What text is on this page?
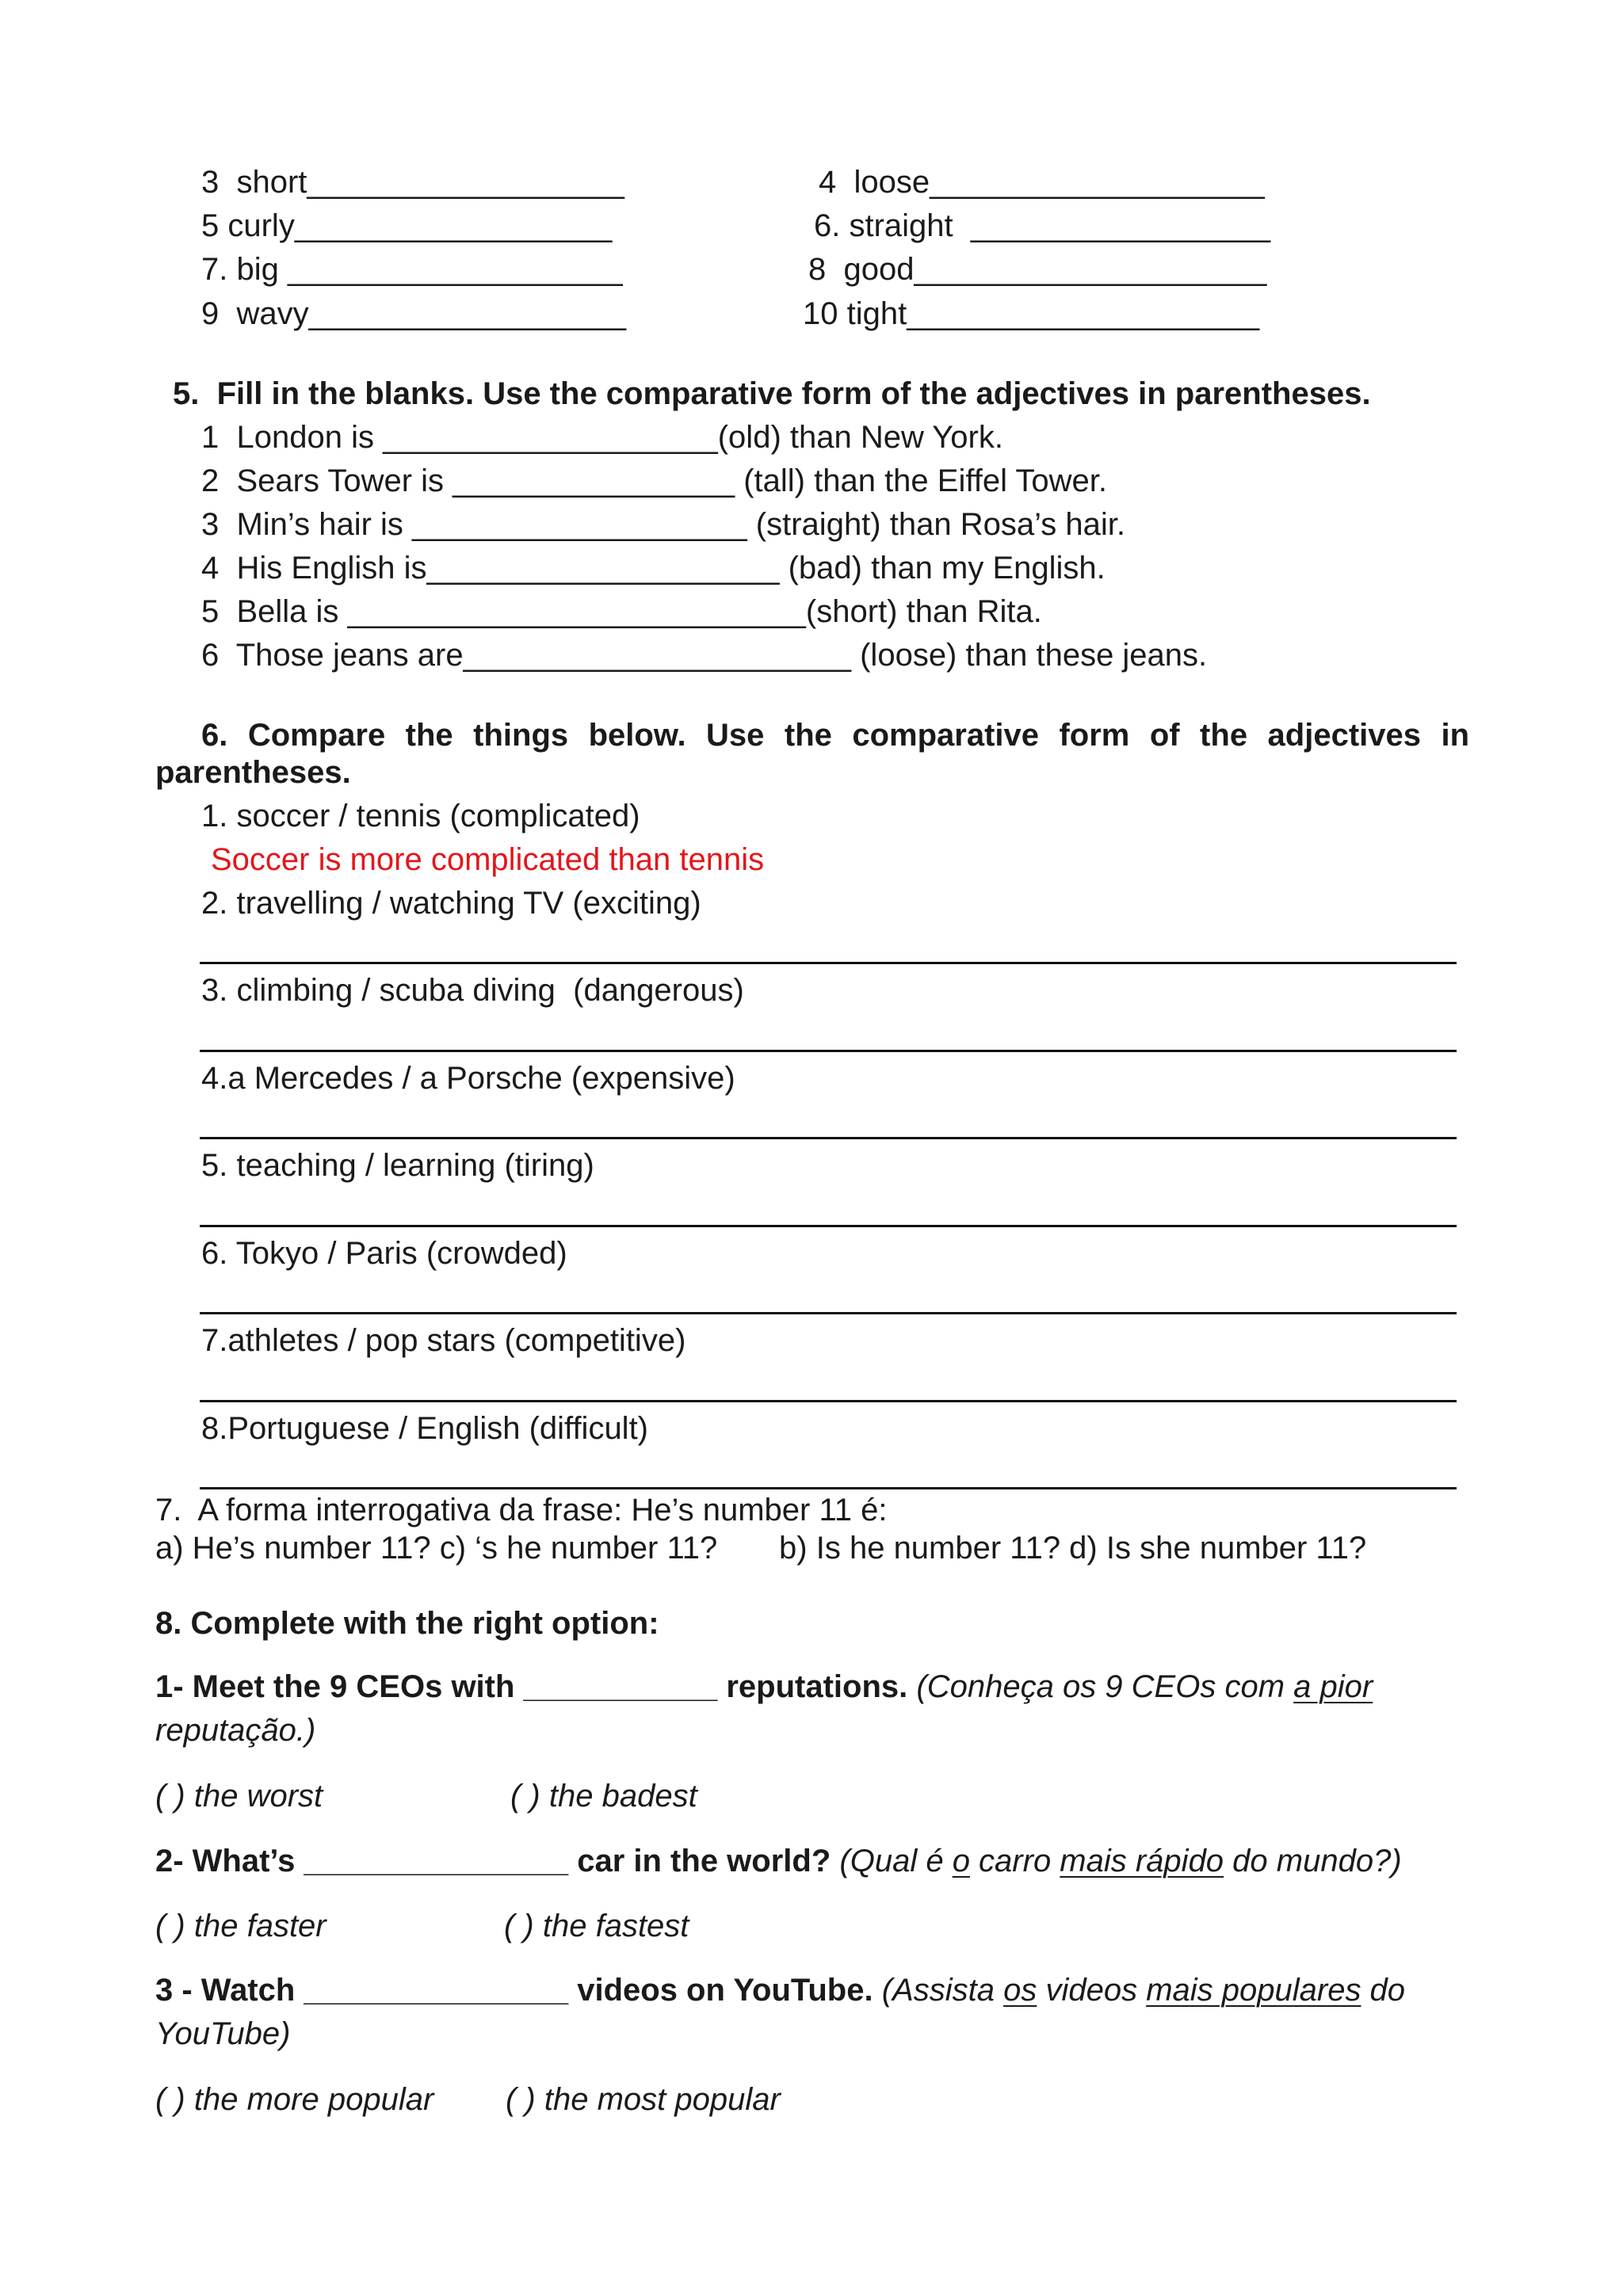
3  short__________________
5 curly__________________
7. big ___________________
9  wavy__________________
4  loose___________________
6. straight  _________________
8  good____________________
10 tight____________________
5.  Fill in the blanks. Use the comparative form of the adjectives in parentheses.
1  London is ___________________(old) than New York.
2  Sears Tower is ________________ (tall) than the Eiffel Tower.
3  Min’s hair is ___________________ (straight) than Rosa’s hair.
4  His English is____________________ (bad) than my English.
5  Bella is __________________________(short) than Rita.
6  Those jeans are______________________ (loose) than these jeans.
6. Compare the things below. Use the comparative form of the adjectives in
parentheses.
1. soccer / tennis (complicated)
Soccer is more complicated than tennis
2. travelling / watching TV (exciting)
3. climbing / scuba diving  (dangerous)
4.a Mercedes / a Porsche (expensive)
5. teaching / learning (tiring)
6. Tokyo / Paris (crowded)
7.athletes / pop stars (competitive)
8.Portuguese / English (difficult)
7.  A forma interrogativa da frase: He’s number 11 é:
a) He’s number 11? c) ‘s he number 11?       b) Is he number 11? d) Is she number 11?
8. Complete with the right option:
1- Meet the 9 CEOs with ___________ reputations. (Conheça os 9 CEOs com a pior
reputação.)
( ) the worst	( ) the badest
2- What’s _______________ car in the world? (Qual é o carro mais rápido do mundo?)
( ) the faster	( ) the fastest
3 - Watch _______________ videos on YouTube. (Assista os videos mais populares do
YouTube)
( ) the more popular ( ) the most popular
